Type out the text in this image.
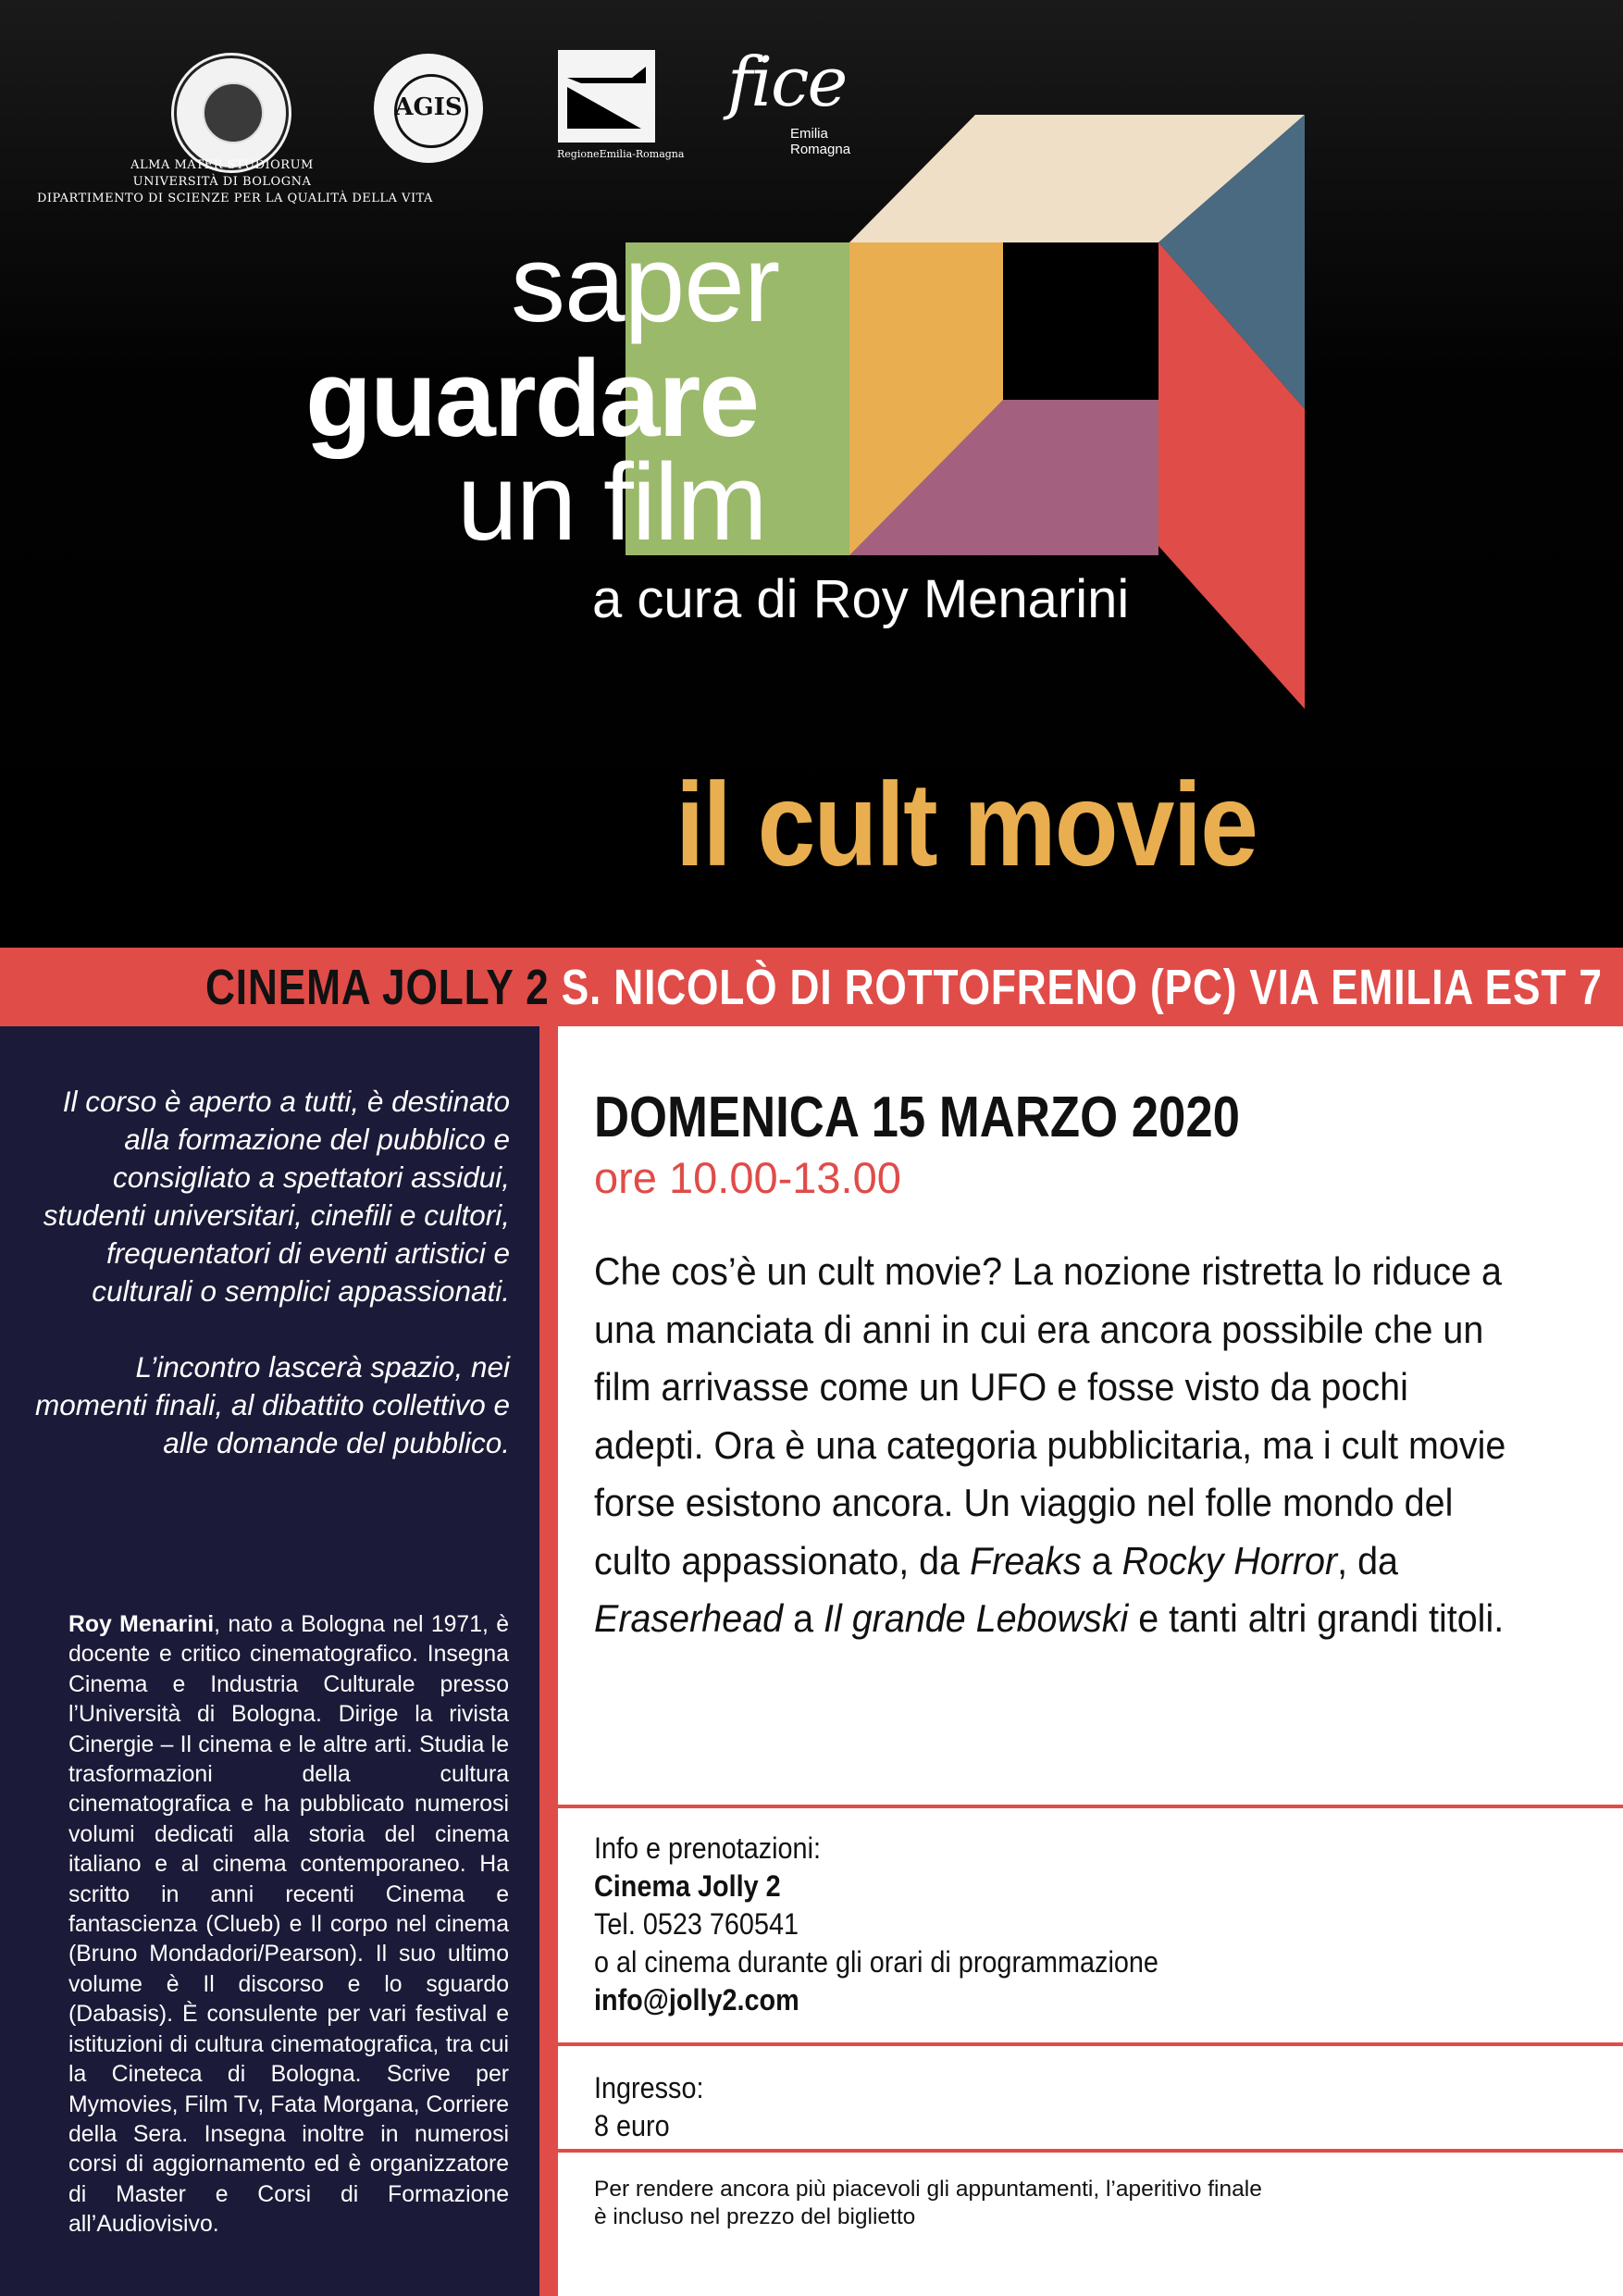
ALMA MATER STUDIORUM
UNIVERSITÀ DI BOLOGNA
DIPARTIMENTO DI SCIENZE PER LA QUALITÀ DELLA VITA
AGIS
RegioneEmilia-Romagna
fice
Emilia
Romagna
saper
guardare
un film
a cura di Roy Menarini
il cult movie
CINEMA JOLLY 2 S. NICOLÒ DI ROTTOFRENO (PC) VIA EMILIA EST 7

Il corso è aperto a tutti, è destinato alla formazione del pubblico e consigliato a spettatori assidui, studenti universitari, cinefili e cultori, frequentatori di eventi artistici e culturali o semplici appassionati.

L’incontro lascerà spazio, nei momenti finali, al dibattito collettivo e alle domande del pubblico.

Roy Menarini, nato a Bologna nel 1971, è docente e critico cinematografico. Insegna Cinema e Industria Culturale presso l’Università di Bologna. Dirige la rivista Cinergie – Il cinema e le altre arti. Studia le trasformazioni della cultura cinematografica e ha pubblicato numerosi volumi dedicati alla storia del cinema italiano e al cinema contemporaneo. Ha scritto in anni recenti Cinema e fantascienza (Clueb) e Il corpo nel cinema (Bruno Mondadori/Pearson). Il suo ultimo volume è Il discorso e lo sguardo (Dabasis). È consulente per vari festival e istituzioni di cultura cinematografica, tra cui la Cineteca di Bologna. Scrive per Mymovies, Film Tv, Fata Morgana, Corriere della Sera. Insegna inoltre in numerosi corsi di aggiornamento ed è organizzatore di Master e Corsi di Formazione all’Audiovisivo.
DOMENICA 15 MARZO 2020
ore 10.00-13.00
Che cos’è un cult movie? La nozione ristretta lo riduce a una manciata di anni in cui era ancora possibile che un film arrivasse come un UFO e fosse visto da pochi adepti. Ora è una categoria pubblicitaria, ma i cult movie forse esistono ancora. Un viaggio nel folle mondo del culto appassionato, da Freaks a Rocky Horror, da Eraserhead a Il grande Lebowski e tanti altri grandi titoli.
Info e prenotazioni:
Cinema Jolly 2
Tel. 0523 760541
o al cinema durante gli orari di programmazione
info@jolly2.com
Ingresso:
8 euro
Per rendere ancora più piacevoli gli appuntamenti, l’aperitivo finale
è incluso nel prezzo del biglietto
